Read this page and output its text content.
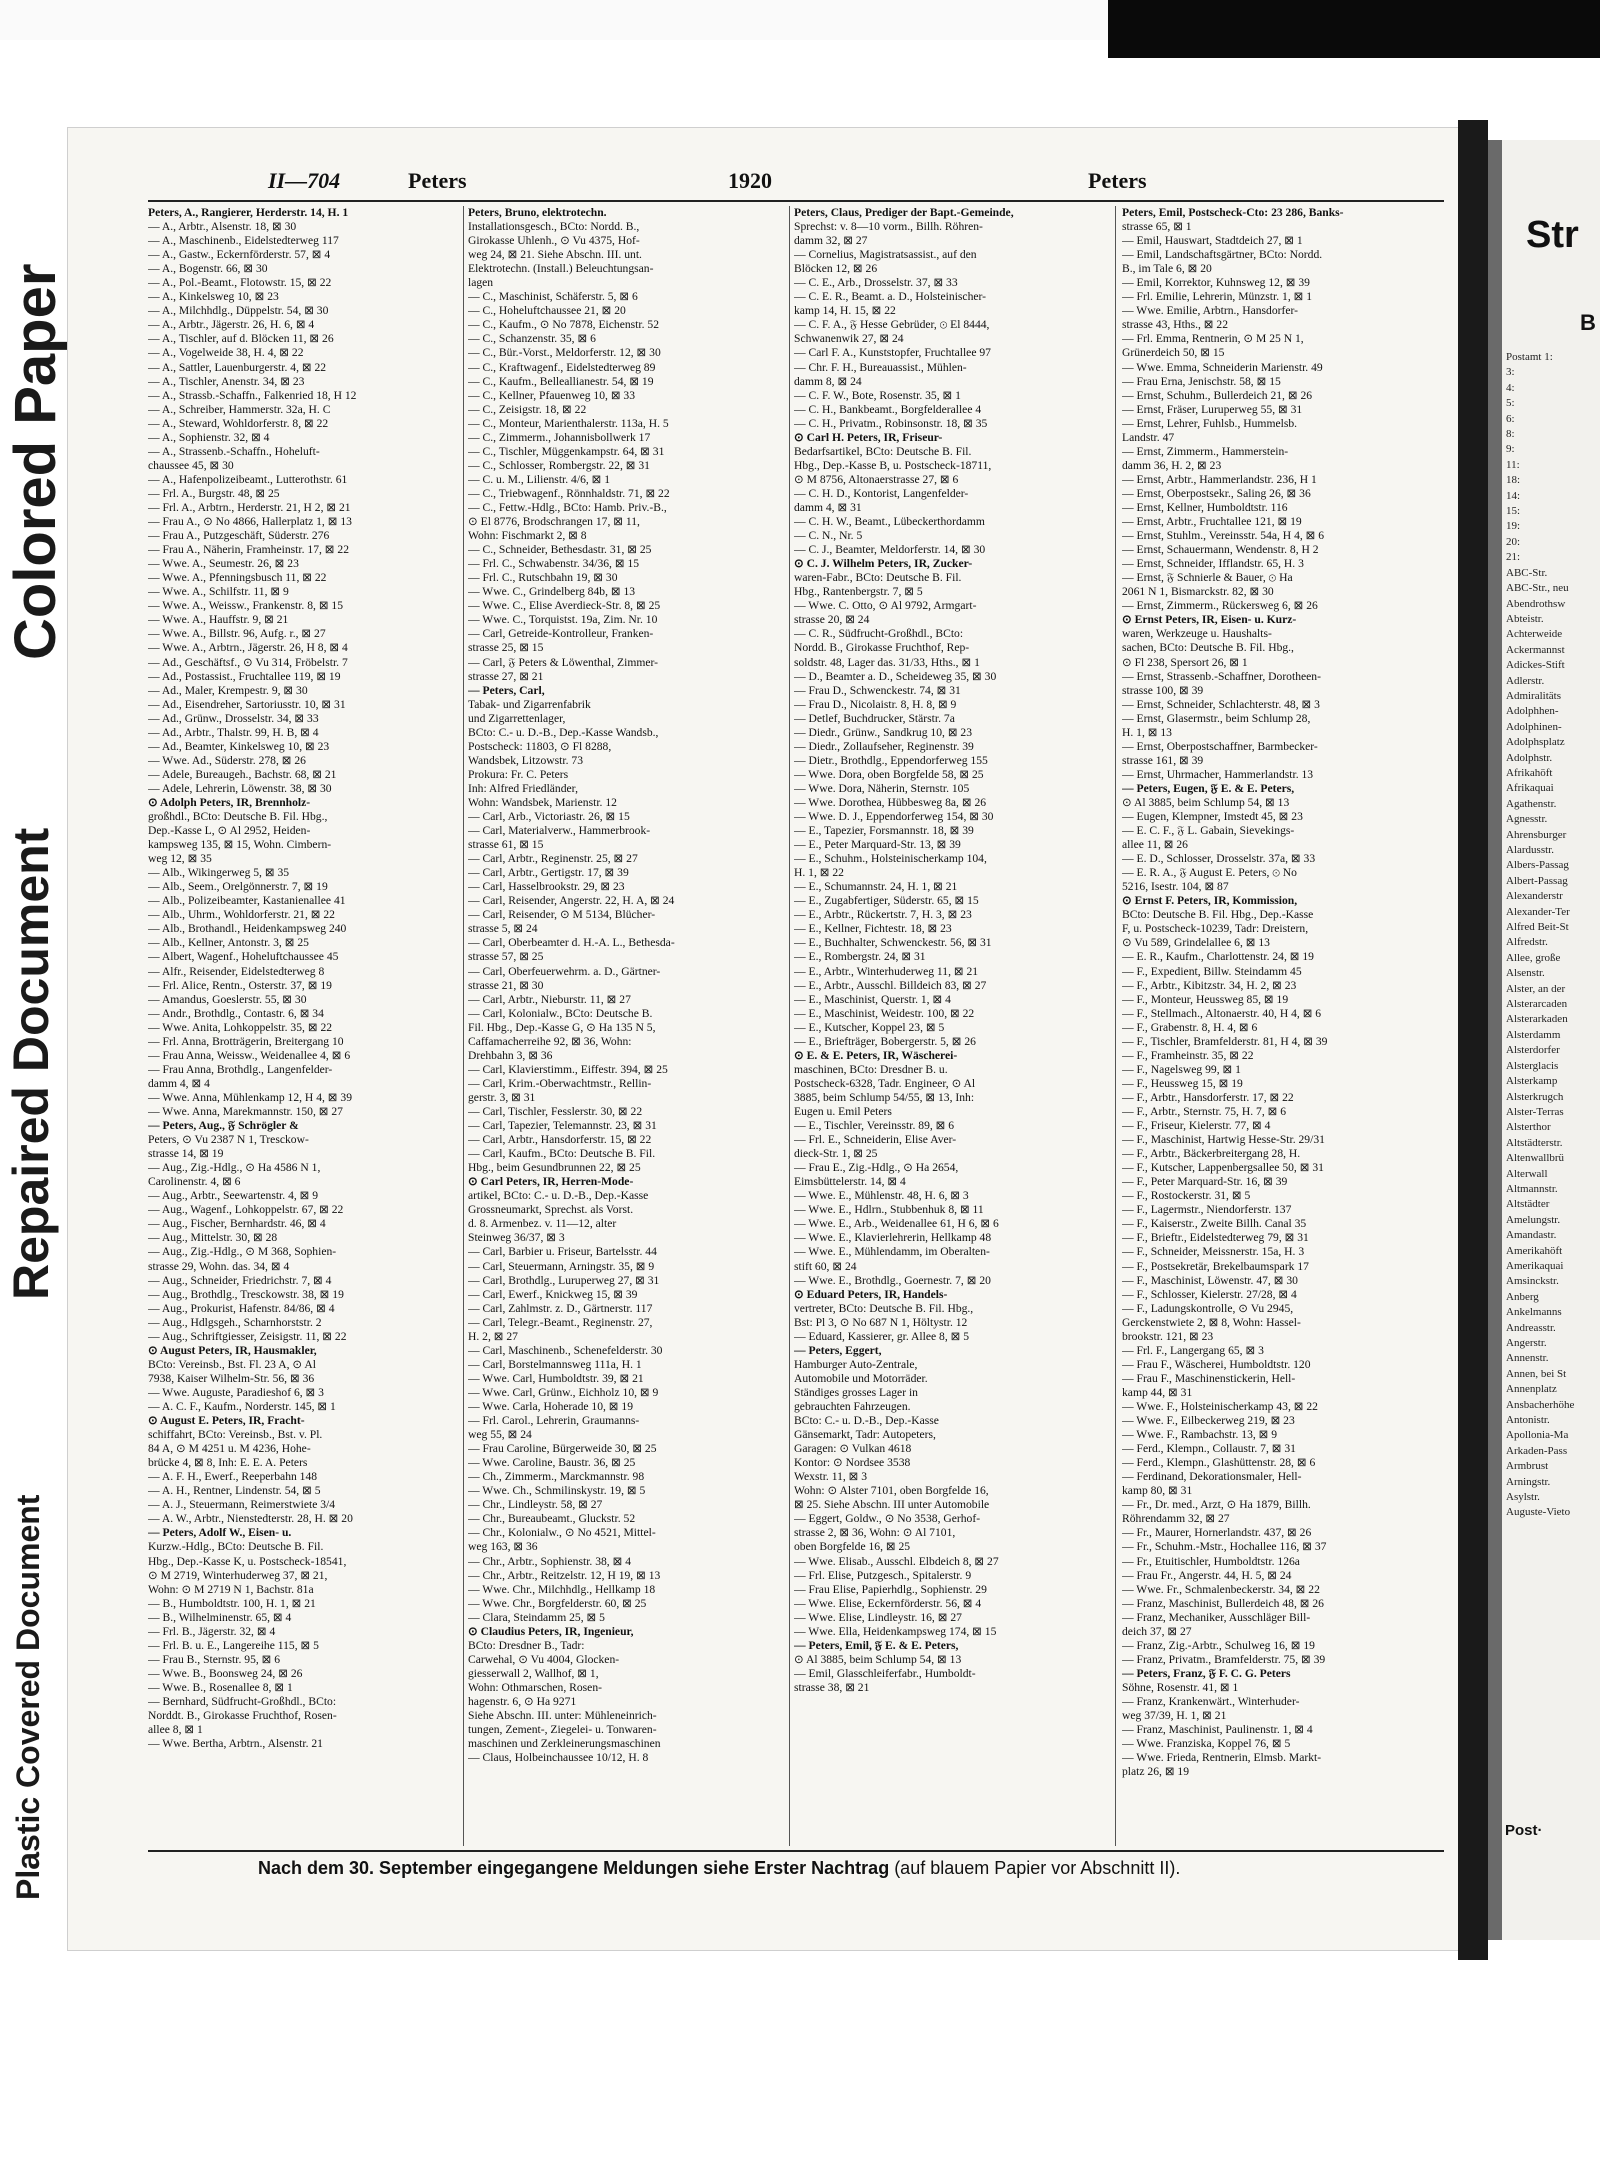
Colored Paper
Repaired Document
Plastic Covered Document
II—704	Peters	1920	Peters
Peters, A., Rangierer, Herderstr. 14, H. 1
— A., Arbtr., Alsenstr. 18, ⊠ 30
— A., Maschinenb., Eidelstedterweg 117
— A., Gastw., Eckernförderstr. 57, ⊠ 4
— A., Bogenstr. 66, ⊠ 30
— A., Pol.-Beamt., Flotowstr. 15, ⊠ 22
— A., Kinkelsweg 10, ⊠ 23
— A., Milchhdlg., Düppelstr. 54, ⊠ 30
— A., Arbtr., Jägerstr. 26, H. 6, ⊠ 4
— A., Tischler, auf d. Blöcken 11, ⊠ 26
— A., Vogelweide 38, H. 4, ⊠ 22
— A., Sattler, Lauenburgerstr. 4, ⊠ 22
— A., Tischler, Anenstr. 34, ⊠ 23
— A., Strassb.-Schaffn., Falkenried 18, H 12
— A., Schreiber, Hammerstr. 32a, H. C
— A., Steward, Wohldorferstr. 8, ⊠ 22
— A., Sophienstr. 32, ⊠ 4
— A., Strassenb.-Schaffn., Hoheluft-
chaussee 45, ⊠ 30
— A., Hafenpolizeibeamt., Lutterothstr. 61
— Frl. A., Burgstr. 48, ⊠ 25
— Frl. A., Arbtrn., Herderstr. 21, H 2, ⊠ 21
— Frau A., ⊙ No 4866, Hallerplatz 1, ⊠ 13
— Frau A., Putzgeschäft, Süderstr. 276
— Frau A., Näherin, Framheinstr. 17, ⊠ 22
— Wwe. A., Seumestr. 26, ⊠ 23
— Wwe. A., Pfenningsbusch 11, ⊠ 22
— Wwe. A., Schilfstr. 11, ⊠ 9
— Wwe. A., Weissw., Frankenstr. 8, ⊠ 15
— Wwe. A., Hauffstr. 9, ⊠ 21
— Wwe. A., Billstr. 96, Aufg. r., ⊠ 27
— Wwe. A., Arbtrn., Jägerstr. 26, H 8, ⊠ 4
— Ad., Geschäftsf., ⊙ Vu 314, Fröbelstr. 7
— Ad., Postassist., Fruchtallee 119, ⊠ 19
— Ad., Maler, Krempestr. 9, ⊠ 30
— Ad., Eisendreher, Sartoriusstr. 10, ⊠ 31
— Ad., Grünw., Drosselstr. 34, ⊠ 33
— Ad., Arbtr., Thalstr. 99, H. B, ⊠ 4
— Ad., Beamter, Kinkelsweg 10, ⊠ 23
— Wwe. Ad., Süderstr. 278, ⊠ 26
— Adele, Bureaugeh., Bachstr. 68, ⊠ 21
— Adele, Lehrerin, Löwenstr. 38, ⊠ 30
⊙ Adolph Peters, IR, Brennholz-
großhdl., BCto: Deutsche B. Fil. Hbg.,
Dep.-Kasse L, ⊙ Al 2952, Heiden-
kampsweg 135, ⊠ 15, Wohn. Cimbern-
weg 12, ⊠ 35
— Alb., Wikingerweg 5, ⊠ 35
— Alb., Seem., Orelgönnerstr. 7, ⊠ 19
— Alb., Polizeibeamter, Kastanienallee 41
— Alb., Uhrm., Wohldorferstr. 21, ⊠ 22
— Alb., Brothandl., Heidenkampsweg 240
— Alb., Kellner, Antonstr. 3, ⊠ 25
— Albert, Wagenf., Hoheluftchaussee 45
— Alfr., Reisender, Eidelstedterweg 8
— Frl. Alice, Rentn., Osterstr. 37, ⊠ 19
— Amandus, Goeslerstr. 55, ⊠ 30
— Andr., Brothdlg., Contastr. 6, ⊠ 34
— Wwe. Anita, Lohkoppelstr. 35, ⊠ 22
— Frl. Anna, Brotträgerin, Breitergang 10
— Frau Anna, Weissw., Weidenallee 4, ⊠ 6
— Frau Anna, Brothdlg., Langenfelder-
damm 4, ⊠ 4
— Wwe. Anna, Mühlenkamp 12, H 4, ⊠ 39
— Wwe. Anna, Marekmannstr. 150, ⊠ 27
— Peters, Aug., 𝔉 Schrögler &
Peters, ⊙ Vu 2387 N 1, Tresckow-
strasse 14, ⊠ 19
— Aug., Zig.-Hdlg., ⊙ Ha 4586 N 1,
Carolinenstr. 4, ⊠ 6
— Aug., Arbtr., Seewartenstr. 4, ⊠ 9
— Aug., Wagenf., Lohkoppelstr. 67, ⊠ 22
— Aug., Fischer, Bernhardstr. 46, ⊠ 4
— Aug., Mittelstr. 30, ⊠ 28
— Aug., Zig.-Hdlg., ⊙ M 368, Sophien-
strasse 29, Wohn. das. 34, ⊠ 4
— Aug., Schneider, Friedrichstr. 7, ⊠ 4
— Aug., Brothdlg., Tresckowstr. 38, ⊠ 19
— Aug., Prokurist, Hafenstr. 84/86, ⊠ 4
— Aug., Hdlgsgeh., Scharnhorststr. 2
— Aug., Schriftgiesser, Zeisigstr. 11, ⊠ 22
⊙ August Peters, IR, Hausmakler,
BCto: Vereinsb., Bst. Fl. 23 A, ⊙ Al
7938, Kaiser Wilhelm-Str. 56, ⊠ 36
— Wwe. Auguste, Paradieshof 6, ⊠ 3
— A. C. F., Kaufm., Norderstr. 145, ⊠ 1
⊙ August E. Peters, IR, Fracht-
schiffahrt, BCto: Vereinsb., Bst. v. Pl.
84 A, ⊙ M 4251 u. M 4236, Hohe-
brücke 4, ⊠ 8, Inh: E. E. A. Peters
— A. F. H., Ewerf., Reeperbahn 148
— A. H., Rentner, Lindenstr. 54, ⊠ 5
— A. J., Steuermann, Reimerstwiete 3/4
— A. W., Arbtr., Nienstedterstr. 28, H. ⊠ 20
— Peters, Adolf W., Eisen- u.
Kurzw.-Hdlg., BCto: Deutsche B. Fil.
Hbg., Dep.-Kasse K, u. Postscheck-18541,
⊙ M 2719, Winterhuderweg 37, ⊠ 21,
Wohn: ⊙ M 2719 N 1, Bachstr. 81a
— B., Humboldtstr. 100, H. 1, ⊠ 21
— B., Wilhelminenstr. 65, ⊠ 4
— Frl. B., Jägerstr. 32, ⊠ 4
— Frl. B. u. E., Langereihe 115, ⊠ 5
— Frau B., Sternstr. 95, ⊠ 6
— Wwe. B., Boonsweg 24, ⊠ 26
— Wwe. B., Rosenallee 8, ⊠ 1
— Bernhard, Südfrucht-Großhdl., BCto:
Norddt. B., Girokasse Fruchthof, Rosen-
allee 8, ⊠ 1
— Wwe. Bertha, Arbtrn., Alsenstr. 21
Peters, Bruno, elektrotechn.
Installationsgesch., BCto: Nordd. B.,
Girokasse Uhlenh., ⊙ Vu 4375, Hof-
weg 24, ⊠ 21. Siehe Abschn. III. unt.
Elektrotechn. (Install.) Beleuchtungsan-
lagen
— C., Maschinist, Schäferstr. 5, ⊠ 6
— C., Hoheluftchaussee 21, ⊠ 20
— C., Kaufm., ⊙ No 7878, Eichenstr. 52
— C., Schanzenstr. 35, ⊠ 6
— C., Bür.-Vorst., Meldorferstr. 12, ⊠ 30
— C., Kraftwagenf., Eidelstedterweg 89
— C., Kaufm., Belleallianestr. 54, ⊠ 19
— C., Kellner, Pfauenweg 10, ⊠ 33
— C., Zeisigstr. 18, ⊠ 22
— C., Monteur, Marienthalerstr. 113a, H. 5
— C., Zimmerm., Johannisbollwerk 17
— C., Tischler, Müggenkampstr. 64, ⊠ 31
— C., Schlosser, Rombergstr. 22, ⊠ 31
— C. u. M., Lilienstr. 4/6, ⊠ 1
— C., Triebwagenf., Rönnhaldstr. 71, ⊠ 22
— C., Fettw.-Hdlg., BCto: Hamb. Priv.-B.,
⊙ El 8776, Brodschrangen 17, ⊠ 11,
Wohn: Fischmarkt 2, ⊠ 8
— C., Schneider, Bethesdastr. 31, ⊠ 25
— Frl. C., Schwabenstr. 34/36, ⊠ 15
— Frl. C., Rutschbahn 19, ⊠ 30
— Wwe. C., Grindelberg 84b, ⊠ 13
— Wwe. C., Elise Averdieck-Str. 8, ⊠ 25
— Wwe. C., Torquistst. 19a, Zim. Nr. 10
— Carl, Getreide-Kontrolleur, Franken-
strasse 25, ⊠ 15
— Carl, 𝔉 Peters & Löwenthal, Zimmer-
strasse 27, ⊠ 21
— Peters, Carl,
Tabak- und Zigarrenfabrik
und Zigarrettenlager,
BCto: C.- u. D.-B., Dep.-Kasse Wandsb.,
Postscheck: 11803, ⊙ Fl 8288,
Wandsbek, Litzowstr. 73
Prokura: Fr. C. Peters
Inh: Alfred Friedländer,
Wohn: Wandsbek, Marienstr. 12
— Carl, Arb., Victoriastr. 26, ⊠ 15
— Carl, Materialverw., Hammerbrook-
strasse 61, ⊠ 15
— Carl, Arbtr., Reginenstr. 25, ⊠ 27
— Carl, Arbtr., Gertigstr. 17, ⊠ 39
— Carl, Hasselbrookstr. 29, ⊠ 23
— Carl, Reisender, Angerstr. 22, H. A, ⊠ 24
— Carl, Reisender, ⊙ M 5134, Blücher-
strasse 5, ⊠ 24
— Carl, Oberbeamter d. H.-A. L., Bethesda-
strasse 57, ⊠ 25
— Carl, Oberfeuerwehrm. a. D., Gärtner-
strasse 21, ⊠ 30
— Carl, Arbtr., Nieburstr. 11, ⊠ 27
— Carl, Kolonialw., BCto: Deutsche B.
Fil. Hbg., Dep.-Kasse G, ⊙ Ha 135 N 5,
Caffamacherreihe 92, ⊠ 36, Wohn:
Drehbahn 3, ⊠ 36
— Carl, Klavierstimm., Eiffestr. 394, ⊠ 25
— Carl, Krim.-Oberwachtmstr., Rellin-
gerstr. 3, ⊠ 31
— Carl, Tischler, Fesslerstr. 30, ⊠ 22
— Carl, Tapezier, Telemannstr. 23, ⊠ 31
— Carl, Arbtr., Hansdorferstr. 15, ⊠ 22
— Carl, Kaufm., BCto: Deutsche B. Fil.
Hbg., beim Gesundbrunnen 22, ⊠ 25
⊙ Carl Peters, IR, Herren-Mode-
artikel, BCto: C.- u. D.-B., Dep.-Kasse
Grossneumarkt, Sprechst. als Vorst.
d. 8. Armenbez. v. 11—12, alter
Steinweg 36/37, ⊠ 3
— Carl, Barbier u. Friseur, Bartelsstr. 44
— Carl, Steuermann, Arningstr. 35, ⊠ 9
— Carl, Brothdlg., Luruperweg 27, ⊠ 31
— Carl, Ewerf., Knickweg 15, ⊠ 39
— Carl, Zahlmstr. z. D., Gärtnerstr. 117
— Carl, Telegr.-Beamt., Reginenstr. 27,
H. 2, ⊠ 27
— Carl, Maschinenb., Schenefelderstr. 30
— Carl, Borstelmannsweg 111a, H. 1
— Wwe. Carl, Humboldtstr. 39, ⊠ 21
— Wwe. Carl, Grünw., Eichholz 10, ⊠ 9
— Wwe. Carla, Hoherade 10, ⊠ 19
— Frl. Carol., Lehrerin, Graumanns-
weg 55, ⊠ 24
— Frau Caroline, Bürgerweide 30, ⊠ 25
— Wwe. Caroline, Baustr. 36, ⊠ 25
— Ch., Zimmerm., Marckmannstr. 98
— Wwe. Ch., Schmilinskystr. 19, ⊠ 5
— Chr., Lindleystr. 58, ⊠ 27
— Chr., Bureaubeamt., Gluckstr. 52
— Chr., Kolonialw., ⊙ No 4521, Mittel-
weg 163, ⊠ 36
— Chr., Arbtr., Sophienstr. 38, ⊠ 4
— Chr., Arbtr., Reitzelstr. 12, H 19, ⊠ 13
— Wwe. Chr., Milchhdlg., Hellkamp 18
— Wwe. Chr., Borgfelderstr. 60, ⊠ 25
— Clara, Steindamm 25, ⊠ 5
⊙ Claudius Peters, IR, Ingenieur,
BCto: Dresdner B., Tadr:
Carwehal, ⊙ Vu 4004, Glocken-
giesserwall 2, Wallhof, ⊠ 1,
Wohn: Othmarschen, Rosen-
hagenstr. 6, ⊙ Ha 9271
Siehe Abschn. III. unter: Mühleneinrich-
tungen, Zement-, Ziegelei- u. Tonwaren-
maschinen und Zerkleinerungsmaschinen
— Claus, Holbeinchaussee 10/12, H. 8
Peters, Claus, Prediger der Bapt.-Gemeinde,
Sprechst: v. 8—10 vorm., Billh. Röhren-
damm 32, ⊠ 27
— Cornelius, Magistratsassist., auf den
Blöcken 12, ⊠ 26
— C. E., Arb., Drosselstr. 37, ⊠ 33
— C. E. R., Beamt. a. D., Holsteinischer-
kamp 14, H. 15, ⊠ 22
— C. F. A., 𝔉 Hesse Gebrüder, ⊙ El 8444,
Schwanenwik 27, ⊠ 24
— Carl F. A., Kunststopfer, Fruchtallee 97
— Chr. F. H., Bureauassist., Mühlen-
damm 8, ⊠ 24
— C. F. W., Bote, Rosenstr. 35, ⊠ 1
— C. H., Bankbeamt., Borgfelderallee 4
— C. H., Privatm., Robinsonstr. 18, ⊠ 35
⊙ Carl H. Peters, IR, Friseur-
Bedarfsartikel, BCto: Deutsche B. Fil.
Hbg., Dep.-Kasse B, u. Postscheck-18711,
⊙ M 8756, Altonaerstrasse 27, ⊠ 6
— C. H. D., Kontorist, Langenfelder-
damm 4, ⊠ 31
— C. H. W., Beamt., Lübeckerthordamm
— C. N., Nr. 5
— C. J., Beamter, Meldorferstr. 14, ⊠ 30
⊙ C. J. Wilhelm Peters, IR, Zucker-
waren-Fabr., BCto: Deutsche B. Fil.
Hbg., Rantenbergstr. 7, ⊠ 5
— Wwe. C. Otto, ⊙ Al 9792, Armgart-
strasse 20, ⊠ 24
— C. R., Südfrucht-Großhdl., BCto:
Nordd. B., Girokasse Fruchthof, Rep-
soldstr. 48, Lager das. 31/33, Hths., ⊠ 1
— D., Beamter a. D., Scheideweg 35, ⊠ 30
— Frau D., Schwenckestr. 74, ⊠ 31
— Frau D., Nicolaistr. 8, H. 8, ⊠ 9
— Detlef, Buchdrucker, Stärstr. 7a
— Diedr., Grünw., Sandkrug 10, ⊠ 23
— Diedr., Zollaufseher, Reginenstr. 39
— Dietr., Brothdlg., Eppendorferweg 155
— Wwe. Dora, oben Borgfelde 58, ⊠ 25
— Wwe. Dora, Näherin, Sternstr. 105
— Wwe. Dorothea, Hübbesweg 8a, ⊠ 26
— Wwe. D. J., Eppendorferweg 154, ⊠ 30
— E., Tapezier, Forsmannstr. 18, ⊠ 39
— E., Peter Marquard-Str. 13, ⊠ 39
— E., Schuhm., Holsteinischerkamp 104,
H. 1, ⊠ 22
— E., Schumannstr. 24, H. 1, ⊠ 21
— E., Zugabfertiger, Süderstr. 65, ⊠ 15
— E., Arbtr., Rückertstr. 7, H. 3, ⊠ 23
— E., Kellner, Fichtestr. 18, ⊠ 23
— E., Buchhalter, Schwenckestr. 56, ⊠ 31
— E., Rombergstr. 24, ⊠ 31
— E., Arbtr., Winterhuderweg 11, ⊠ 21
— E., Arbtr., Ausschl. Billdeich 83, ⊠ 27
— E., Maschinist, Querstr. 1, ⊠ 4
— E., Maschinist, Weidestr. 100, ⊠ 22
— E., Kutscher, Koppel 23, ⊠ 5
— E., Briefträger, Bobergerstr. 5, ⊠ 26
⊙ E. & E. Peters, IR, Wäscherei-
maschinen, BCto: Dresdner B. u.
Postscheck-6328, Tadr. Engineer, ⊙ Al
3885, beim Schlump 54/55, ⊠ 13, Inh:
Eugen u. Emil Peters
— E., Tischler, Vereinsstr. 89, ⊠ 6
— Frl. E., Schneiderin, Elise Aver-
dieck-Str. 1, ⊠ 25
— Frau E., Zig.-Hdlg., ⊙ Ha 2654,
Eimsbüttelerstr. 14, ⊠ 4
— Wwe. E., Mühlenstr. 48, H. 6, ⊠ 3
— Wwe. E., Hdlrn., Stubbenhuk 8, ⊠ 11
— Wwe. E., Arb., Weidenallee 61, H 6, ⊠ 6
— Wwe. E., Klavierlehrerin, Hellkamp 48
— Wwe. E., Mühlendamm, im Oberalten-
stift 60, ⊠ 24
— Wwe. E., Brothdlg., Goernestr. 7, ⊠ 20
⊙ Eduard Peters, IR, Handels-
vertreter, BCto: Deutsche B. Fil. Hbg.,
Bst: Pl 3, ⊙ No 687 N 1, Höltystr. 12
— Eduard, Kassierer, gr. Allee 8, ⊠ 5
— Peters, Eggert,
Hamburger Auto-Zentrale,
Automobile und Motorräder.
Ständiges grosses Lager in
gebrauchten Fahrzeugen.
BCto: C.- u. D.-B., Dep.-Kasse
Gänsemarkt, Tadr: Autopeters,
Garagen: ⊙ Vulkan 4618
Kontor: ⊙ Nordsee 3538
Wexstr. 11, ⊠ 3
Wohn: ⊙ Alster 7101, oben Borgfelde 16,
⊠ 25. Siehe Abschn. III unter Automobile
— Eggert, Goldw., ⊙ No 3538, Gerhof-
strasse 2, ⊠ 36, Wohn: ⊙ Al 7101,
oben Borgfelde 16, ⊠ 25
— Wwe. Elisab., Ausschl. Elbdeich 8, ⊠ 27
— Frl. Elise, Putzgesch., Spitalerstr. 9
— Frau Elise, Papierhdlg., Sophienstr. 29
— Wwe. Elise, Eckernförderstr. 56, ⊠ 4
— Wwe. Elise, Lindleystr. 16, ⊠ 27
— Wwe. Ella, Heidenkampsweg 174, ⊠ 15
— Peters, Emil, 𝔉 E. & E. Peters,
⊙ Al 3885, beim Schlump 54, ⊠ 13
— Emil, Glasschleiferfabr., Humboldt-
strasse 38, ⊠ 21
Peters, Emil, Postscheck-Cto: 23 286, Banks-
strasse 65, ⊠ 1
— Emil, Hauswart, Stadtdeich 27, ⊠ 1
— Emil, Landschaftsgärtner, BCto: Nordd.
B., im Tale 6, ⊠ 20
— Emil, Korrektor, Kuhnsweg 12, ⊠ 39
— Frl. Emilie, Lehrerin, Münzstr. 1, ⊠ 1
— Wwe. Emilie, Arbtrn., Hansdorfer-
strasse 43, Hths., ⊠ 22
— Frl. Emma, Rentnerin, ⊙ M 25 N 1,
Grünerdeich 50, ⊠ 15
— Wwe. Emma, Schneiderin Marienstr. 49
— Frau Erna, Jenischstr. 58, ⊠ 15
— Ernst, Schuhm., Bullerdeich 21, ⊠ 26
— Ernst, Fräser, Luruperweg 55, ⊠ 31
— Ernst, Lehrer, Fuhlsb., Hummelsb.
Landstr. 47
— Ernst, Zimmerm., Hammerstein-
damm 36, H. 2, ⊠ 23
— Ernst, Arbtr., Hammerlandstr. 236, H 1
— Ernst, Oberpostsekr., Saling 26, ⊠ 36
— Ernst, Kellner, Humboldtstr. 116
— Ernst, Arbtr., Fruchtallee 121, ⊠ 19
— Ernst, Stuhlm., Vereinsstr. 54a, H 4, ⊠ 6
— Ernst, Schauermann, Wendenstr. 8, H 2
— Ernst, Schneider, Ifflandstr. 65, H. 3
— Ernst, 𝔉 Schnierle & Bauer, ⊙ Ha
2061 N 1, Bismarckstr. 82, ⊠ 30
— Ernst, Zimmerm., Rückersweg 6, ⊠ 26
⊙ Ernst Peters, IR, Eisen- u. Kurz-
waren, Werkzeuge u. Haushalts-
sachen, BCto: Deutsche B. Fil. Hbg.,
⊙ Fl 238, Spersort 26, ⊠ 1
— Ernst, Strassenb.-Schaffner, Dorotheen-
strasse 100, ⊠ 39
— Ernst, Schneider, Schlachterstr. 48, ⊠ 3
— Ernst, Glasermstr., beim Schlump 28,
H. 1, ⊠ 13
— Ernst, Oberpostschaffner, Barmbecker-
strasse 161, ⊠ 39
— Ernst, Uhrmacher, Hammerlandstr. 13
— Peters, Eugen, 𝔉 E. & E. Peters,
⊙ Al 3885, beim Schlump 54, ⊠ 13
— Eugen, Klempner, Imstedt 45, ⊠ 23
— E. C. F., 𝔉 L. Gabain, Sievekings-
allee 11, ⊠ 26
— E. D., Schlosser, Drosselstr. 37a, ⊠ 33
— E. R. A., 𝔉 August E. Peters, ⊙ No
5216, Isestr. 104, ⊠ 87
⊙ Ernst F. Peters, IR, Kommission,
BCto: Deutsche B. Fil. Hbg., Dep.-Kasse
F, u. Postscheck-10239, Tadr: Dreistern,
⊙ Vu 589, Grindelallee 6, ⊠ 13
— E. R., Kaufm., Charlottenstr. 24, ⊠ 19
— F., Expedient, Billw. Steindamm 45
— F., Arbtr., Kibitzstr. 34, H. 2, ⊠ 23
— F., Monteur, Heussweg 85, ⊠ 19
— F., Stellmach., Altonaerstr. 40, H 4, ⊠ 6
— F., Grabenstr. 8, H. 4, ⊠ 6
— F., Tischler, Bramfelderstr. 81, H 4, ⊠ 39
— F., Framheinstr. 35, ⊠ 22
— F., Nagelsweg 99, ⊠ 1
— F., Heussweg 15, ⊠ 19
— F., Arbtr., Hansdorferstr. 17, ⊠ 22
— F., Arbtr., Sternstr. 75, H. 7, ⊠ 6
— F., Friseur, Kielerstr. 77, ⊠ 4
— F., Maschinist, Hartwig Hesse-Str. 29/31
— F., Arbtr., Bäckerbreitergang 28, H.
— F., Kutscher, Lappenbergsallee 50, ⊠ 31
— F., Peter Marquard-Str. 16, ⊠ 39
— F., Rostockerstr. 31, ⊠ 5
— F., Lagermstr., Niendorferstr. 137
— F., Kaiserstr., Zweite Billh. Canal 35
— F., Brieftr., Eidelstedterweg 79, ⊠ 31
— F., Schneider, Meissnerstr. 15a, H. 3
— F., Postsekretär, Brekelbaumspark 17
— F., Maschinist, Löwenstr. 47, ⊠ 30
— F., Schlosser, Kielerstr. 27/28, ⊠ 4
— F., Ladungskontrolle, ⊙ Vu 2945,
Gerckenstwiete 2, ⊠ 8, Wohn: Hassel-
brookstr. 121, ⊠ 23
— Frl. F., Langergang 65, ⊠ 3
— Frau F., Wäscherei, Humboldtstr. 120
— Frau F., Maschinenstickerin, Hell-
kamp 44, ⊠ 31
— Wwe. F., Holsteinischerkamp 43, ⊠ 22
— Wwe. F., Eilbeckerweg 219, ⊠ 23
— Wwe. F., Rambachstr. 13, ⊠ 9
— Ferd., Klempn., Collaustr. 7, ⊠ 31
— Ferd., Klempn., Glashüttenstr. 28, ⊠ 6
— Ferdinand, Dekorationsmaler, Hell-
kamp 80, ⊠ 31
— Fr., Dr. med., Arzt, ⊙ Ha 1879, Billh.
Röhrendamm 32, ⊠ 27
— Fr., Maurer, Hornerlandstr. 437, ⊠ 26
— Fr., Schuhm.-Mstr., Hochallee 116, ⊠ 37
— Fr., Etuitischler, Humboldtstr. 126a
— Frau Fr., Angerstr. 44, H. 5, ⊠ 24
— Wwe. Fr., Schmalenbeckerstr. 34, ⊠ 22
— Franz, Maschinist, Bullerdeich 48, ⊠ 26
— Franz, Mechaniker, Ausschläger Bill-
deich 37, ⊠ 27
— Franz, Zig.-Arbtr., Schulweg 16, ⊠ 19
— Franz, Privatm., Bramfelderstr. 75, ⊠ 39
— Peters, Franz, 𝔉 F. C. G. Peters
Söhne, Rosenstr. 41, ⊠ 1
— Franz, Krankenwärt., Winterhuder-
weg 37/39, H. 1, ⊠ 21
— Franz, Maschinist, Paulinenstr. 1, ⊠ 4
— Wwe. Franziska, Koppel 76, ⊠ 5
— Wwe. Frieda, Rentnerin, Elmsb. Markt-
platz 26, ⊠ 19
Nach dem 30. September eingegangene Meldungen siehe Erster Nachtrag (auf blauem Papier vor Abschnitt II).
Str
B
Postamt 1:
3:
4:
5:
6:
8:
9:
11:
18:
14:
15:
19:
20:
21:
ABC-Str.
ABC-Str., neu
Abendrothsw
Abteistr.
Achterweide
Ackermannst
Adickes-Stift
Adlerstr.
Admiralitäts
Adolphhen-
Adolphinen-
Adolphsplatz
Adolphstr.
Afrikahöft
Afrikaquai
Agathenstr.
Agnesstr.
Ahrensburger
Alardusstr.
Albers-Passag
Albert-Passag
Alexanderstr
Alexander-Ter
Alfred Beit-St
Alfredstr.
Allee, große
Alsenstr.
Alster, an der
Alsterarcaden
Alsterarkaden
Alsterdamm
Alsterdorfer
Alsterglacis
Alsterkamp
Alsterkrugch
Alster-Terras
Alsterthor
Altstädterstr.
Altenwallbrü
Alterwall
Altmannstr.
Altstädter
Amelungstr.
Amandastr.
Amerikahöft
Amerikaquai
Amsinckstr.
Anberg
Ankelmanns
Andreasstr.
Angerstr.
Annenstr.
Annen, bei St
Annenplatz
Ansbacherhöhe
Antonistr.
Apollonia-Ma
Arkaden-Pass
Armbrust
Arningstr.
Asylstr.
Auguste-Vieto
Post·
